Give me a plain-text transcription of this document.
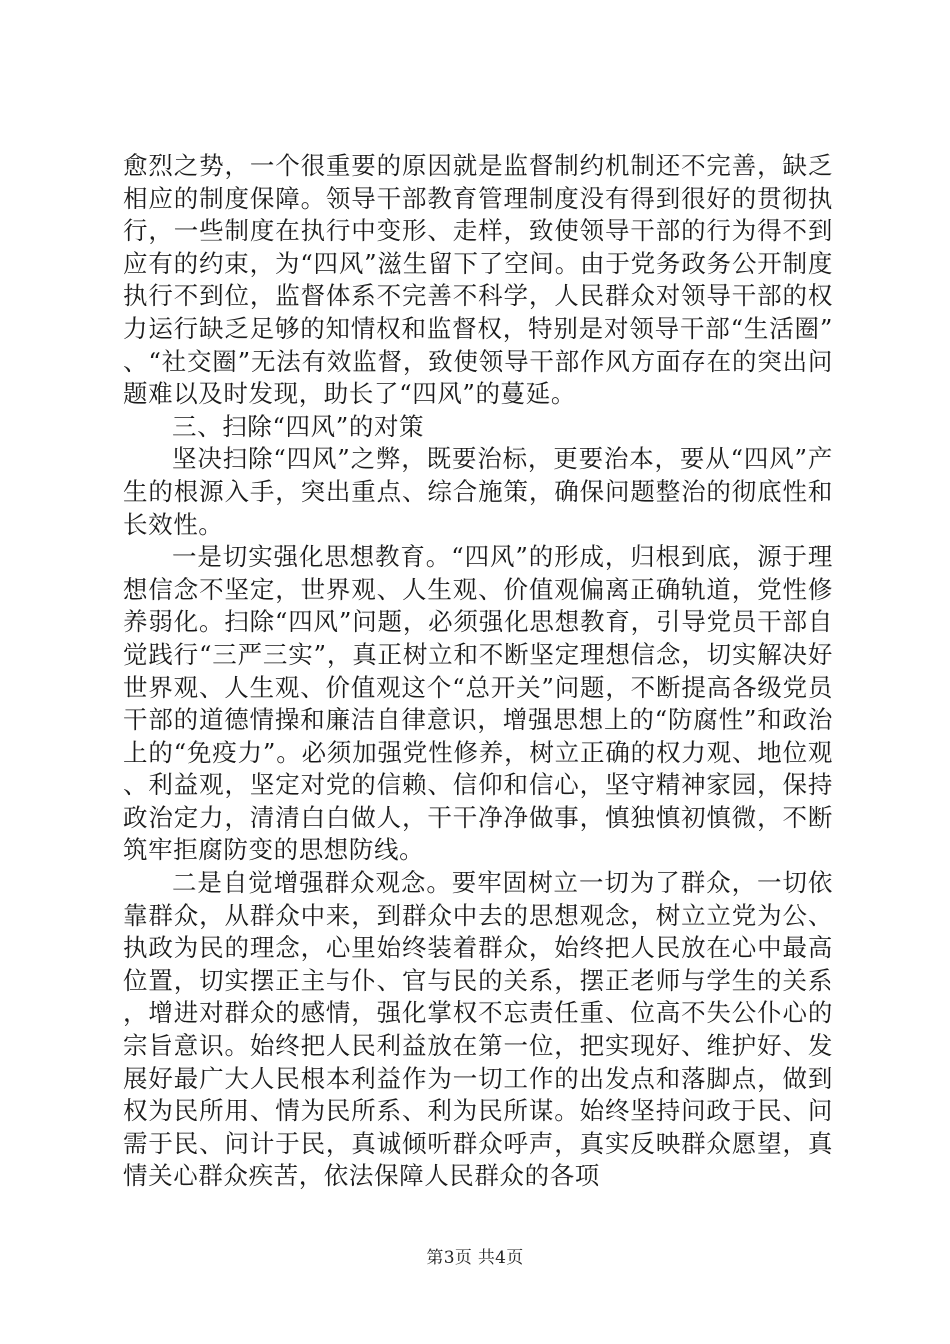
愈烈之势，一个很重要的原因就是监督制约机制还不完善，缺乏相应的制度保障。领导干部教育管理制度没有得到很好的贯彻执行，一些制度在执行中变形、走样，致使领导干部的行为得不到应有的约束，为“四风”滋生留下了空间。由于党务政务公开制度执行不到位，监督体系不完善不科学，人民群众对领导干部的权力运行缺乏足够的知情权和监督权，特别是对领导干部“生活圈”、“社交圈”无法有效监督，致使领导干部作风方面存在的突出问题难以及时发现，助长了“四风”的蔓延。

三、扫除“四风”的对策

坚决扫除“四风”之弊，既要治标，更要治本，要从“四风”产生的根源入手，突出重点、综合施策，确保问题整治的彻底性和长效性。

一是切实强化思想教育。“四风”的形成，归根到底，源于理想信念不坚定，世界观、人生观、价值观偏离正确轨道，党性修养弱化。扫除“四风”问题，必须强化思想教育，引导党员干部自觉践行“三严三实”，真正树立和不断坚定理想信念，切实解决好世界观、人生观、价值观这个“总开关”问题，不断提高各级党员干部的道德情操和廉洁自律意识，增强思想上的“防腐性”和政治上的“免疫力”。必须加强党性修养，树立正确的权力观、地位观、利益观，坚定对党的信赖、信仰和信心，坚守精神家园，保持政治定力，清清白白做人，干干净净做事，慎独慎初慎微，不断筑牢拒腐防变的思想防线。

二是自觉增强群众观念。要牢固树立一切为了群众，一切依靠群众，从群众中来，到群众中去的思想观念，树立立党为公、执政为民的理念，心里始终装着群众，始终把人民放在心中最高位置，切实摆正主与仆、官与民的关系，摆正老师与学生的关系，增进对群众的感情，强化掌权不忘责任重、位高不失公仆心的宗旨意识。始终把人民利益放在第一位，把实现好、维护好、发展好最广大人民根本利益作为一切工作的出发点和落脚点，做到权为民所用、情为民所系、利为民所谋。始终坚持问政于民、问需于民、问计于民，真诚倾听群众呼声，真实反映群众愿望，真情关心群众疾苦，依法保障人民群众的各项

第3页 共4页
